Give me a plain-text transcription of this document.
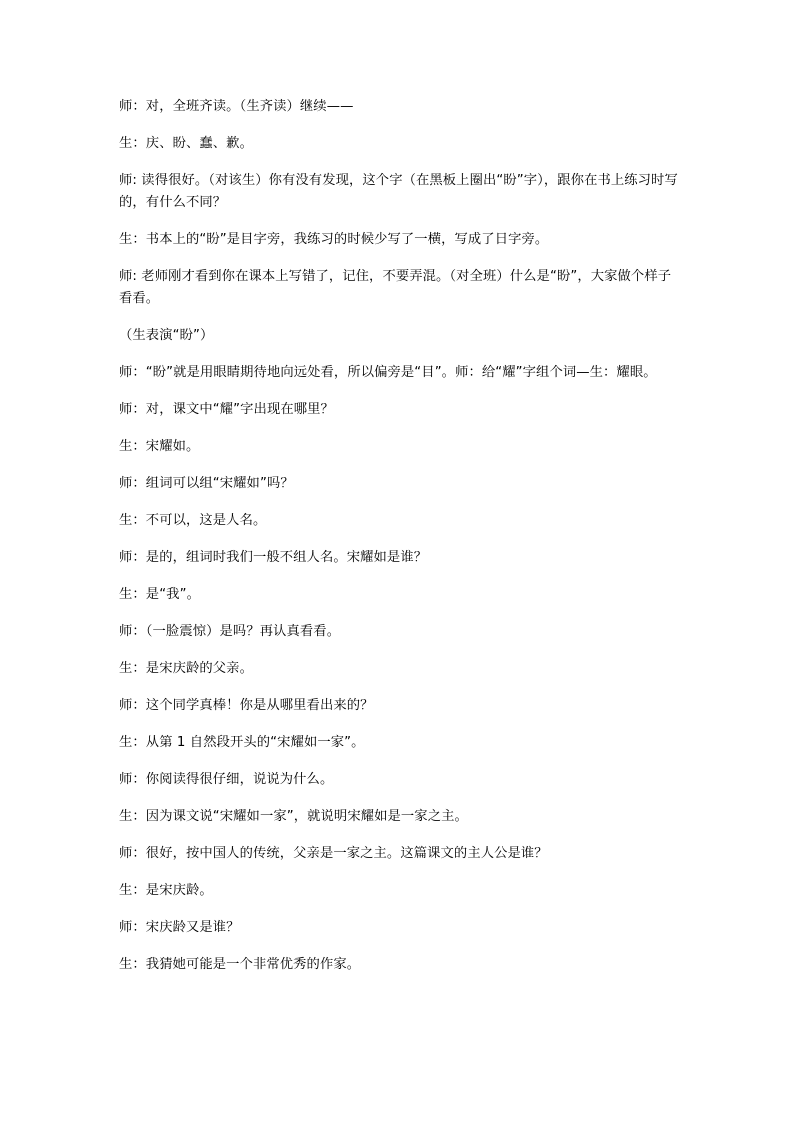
师：对，全班齐读。（生齐读）继续——

生：庆、盼、蠢、歉。

师: 读得很好。（对该生）你有没有发现，这个字（在黑板上圈出“盼”字），跟你在书上练习时写的，有什么不同？

生：书本上的“盼”是目字旁，我练习的时候少写了一横，写成了日字旁。

师: 老师刚才看到你在课本上写错了，记住，不要弄混。（对全班）什么是“盼”，大家做个样子看看。

（生表演“盼”）

师：“盼”就是用眼睛期待地向远处看，所以偏旁是“目”。师：给“耀”字组个词—生：耀眼。

师：对，课文中“耀”字出现在哪里？

生：宋耀如。

师：组词可以组“宋耀如”吗？

生：不可以，这是人名。

师：是的，组词时我们一般不组人名。宋耀如是谁？

生：是“我”。

师：（一脸震惊）是吗？再认真看看。

生：是宋庆龄的父亲。

师：这个同学真棒！你是从哪里看出来的？

生：从第 1 自然段开头的“宋耀如一家”。

师：你阅读得很仔细，说说为什么。

生：因为课文说“宋耀如一家”，就说明宋耀如是一家之主。

师：很好，按中国人的传统，父亲是一家之主。这篇课文的主人公是谁？

生：是宋庆龄。

师：宋庆龄又是谁？

生：我猜她可能是一个非常优秀的作家。
